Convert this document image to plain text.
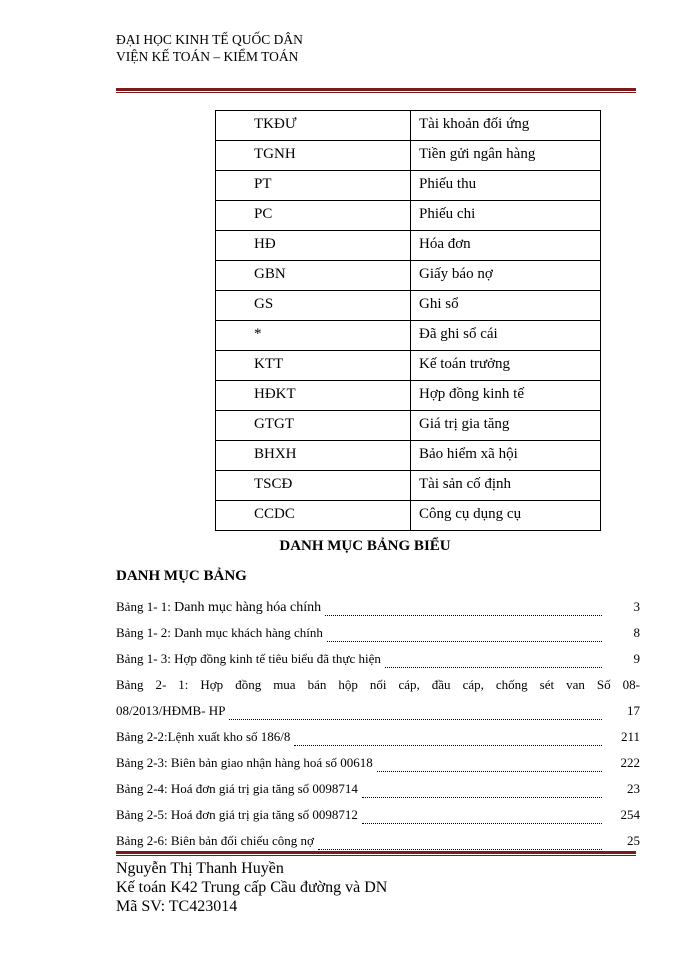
ĐẠI HỌC KINH TẾ QUỐC DÂN
VIỆN KẾ TOÁN – KIỂM TOÁN
TKĐƯ	Tài khoản đối ứng
TGNH	Tiền gửi ngân hàng
PT	Phiếu thu
PC	Phiếu chi
HĐ	Hóa đơn
GBN	Giấy báo nợ
GS	Ghi sổ
*	Đã ghi sổ cái
KTT	Kế toán trưởng
HĐKT	Hợp đồng kinh tế
GTGT	Giá trị gia tăng
BHXH	Bảo hiểm xã hội
TSCĐ	Tài sản cố định
CCDC	Công cụ dụng cụ
DANH MỤC BẢNG BIỂU
DANH MỤC BẢNG
Bảng 1- 1: Danh mục hàng hóa chính	3
Bảng 1- 2: Danh mục khách hàng chính	8
Bảng 1- 3: Hợp đồng kinh tế tiêu biểu đã thực hiện	9
Bảng 2- 1: Hợp đồng mua bán hộp nối cáp, đầu cáp, chống sét van Số 08-
08/2013/HĐMB- HP	17
Bảng 2-2:Lệnh xuất kho số 186/8	211
Bảng 2-3: Biên bản giao nhận hàng hoá số 00618	222
Bảng 2-4: Hoá đơn giá trị gia tăng số 0098714	23
Bảng 2-5: Hoá đơn giá trị gia tăng số 0098712	254
Bảng 2-6: Biên bản đối chiếu công nợ	25
Nguyễn Thị Thanh Huyền
Kế toán K42 Trung cấp Cầu đường và DN
Mã SV: TC423014
